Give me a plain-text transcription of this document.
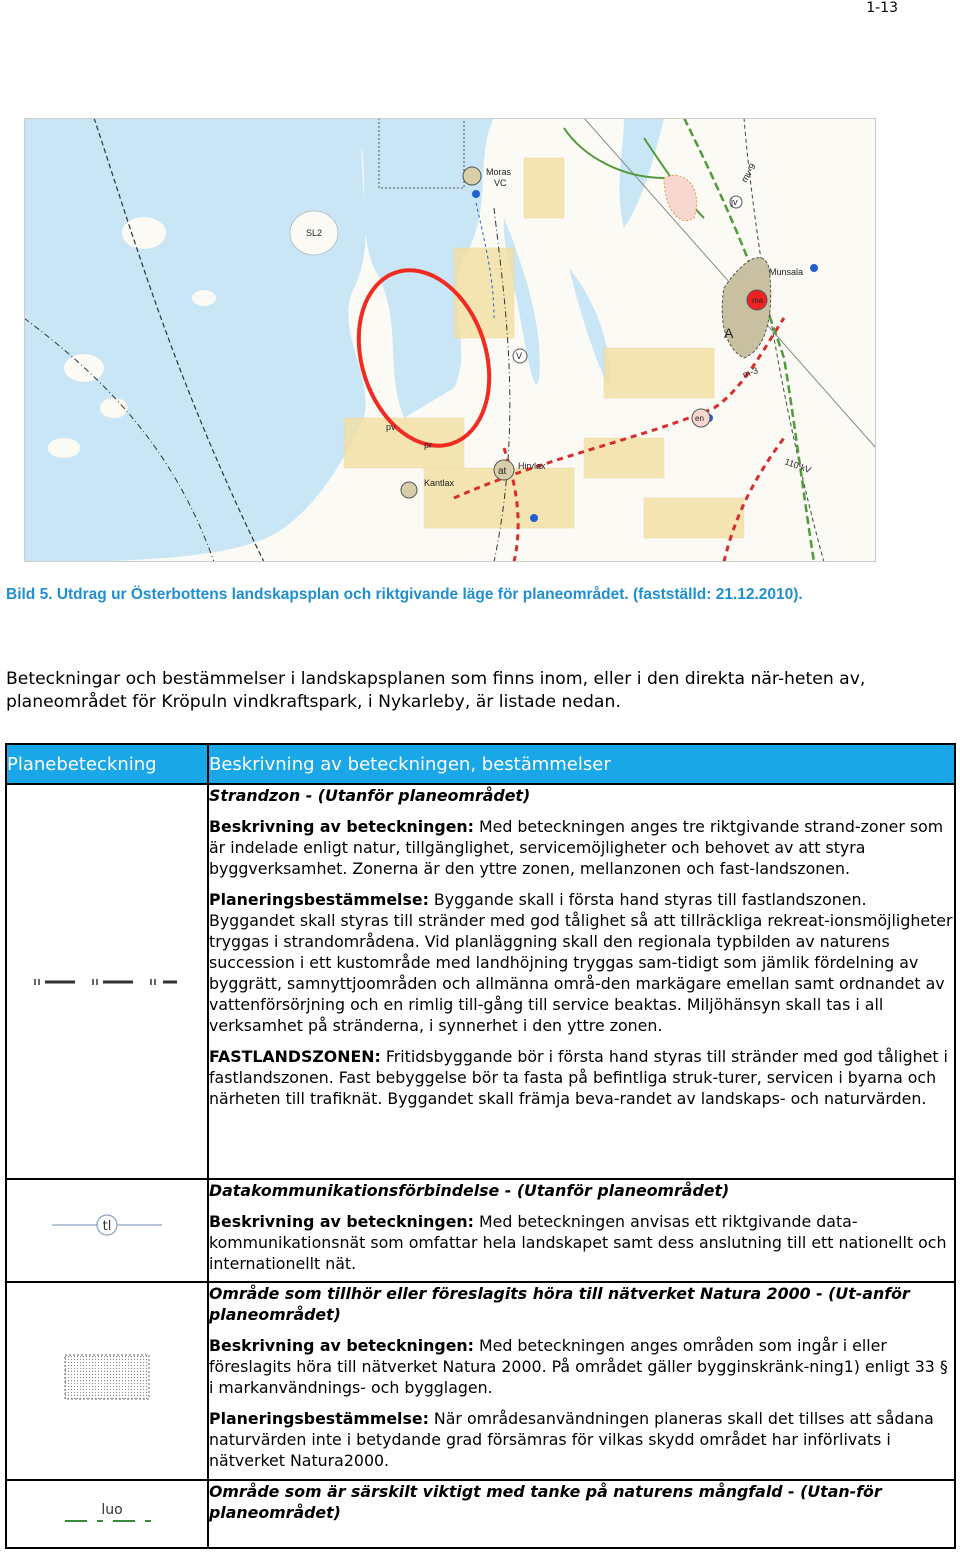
1-13
SL2
Moras
VC
Munsala
Hirvlax
Kantlax
110 kV
mv-9
jv
A
ma
en
at
V
pv
pr
m-3
Bild 5. Utdrag ur Österbottens landskapsplan och riktgivande läge för planeområdet. (fastställd: 21.12.2010).
Beteckningar och bestämmelser i landskapsplanen som finns inom, eller i den direkta när-heten av, planeområdet för Kröpuln vindkraftspark, i Nykarleby, är listade nedan.
Planebeteckning	Beskrivning av beteckningen, bestämmelser

Strandzon - (Utanför planeområdet)
Beskrivning av beteckningen: Med beteckningen anges tre riktgivande strand-zoner som är indelade enligt natur, tillgänglighet, servicemöjligheter och behovet av att styra byggverksamhet. Zonerna är den yttre zonen, mellanzonen och fast-landszonen.
Planeringsbestämmelse: Byggande skall i första hand styras till fastlandszonen. Byggandet skall styras till stränder med god tålighet så att tillräckliga rekreat-ionsmöjligheter tryggas i strandområdena. Vid planläggning skall den regionala typbilden av naturens succession i ett kustområde med landhöjning tryggas sam-tidigt som jämlik fördelning av byggrätt, samnyttjoområden och allmänna områ-den markägare emellan samt ordnandet av vattenförsörjning och en rimlig till-gång till service beaktas. Miljöhänsyn skall tas i all verksamhet på stränderna, i synnerhet i den yttre zonen.
FASTLANDSZONEN: Fritidsbyggande bör i första hand styras till stränder med god tålighet i fastlandszonen. Fast bebyggelse bör ta fasta på befintliga struk-turer, servicen i byarna och närheten till trafiknät. Byggandet skall främja beva-randet av landskaps- och naturvärden.

tl	Datakommunikationsförbindelse - (Utanför planeområdet)
Beskrivning av beteckningen: Med beteckningen anvisas ett riktgivande data-kommunikationsnät som omfattar hela landskapet samt dess anslutning till ett nationellt och internationellt nät.

Område som tillhör eller föreslagits höra till nätverket Natura 2000 - (Ut-anför planeområdet)
Beskrivning av beteckningen: Med beteckningen anges områden som ingår i eller föreslagits höra till nätverket Natura 2000. På området gäller bygginskränk-ning1) enligt 33 § i markanvändnings- och bygglagen.
Planeringsbestämmelse: När områdesanvändningen planeras skall det tillses att sådana naturvärden inte i betydande grad försämras för vilkas skydd området har införlivats i nätverket Natura2000.

luo	Område som är särskilt viktigt med tanke på naturens mångfald - (Utan-för planeområdet)
